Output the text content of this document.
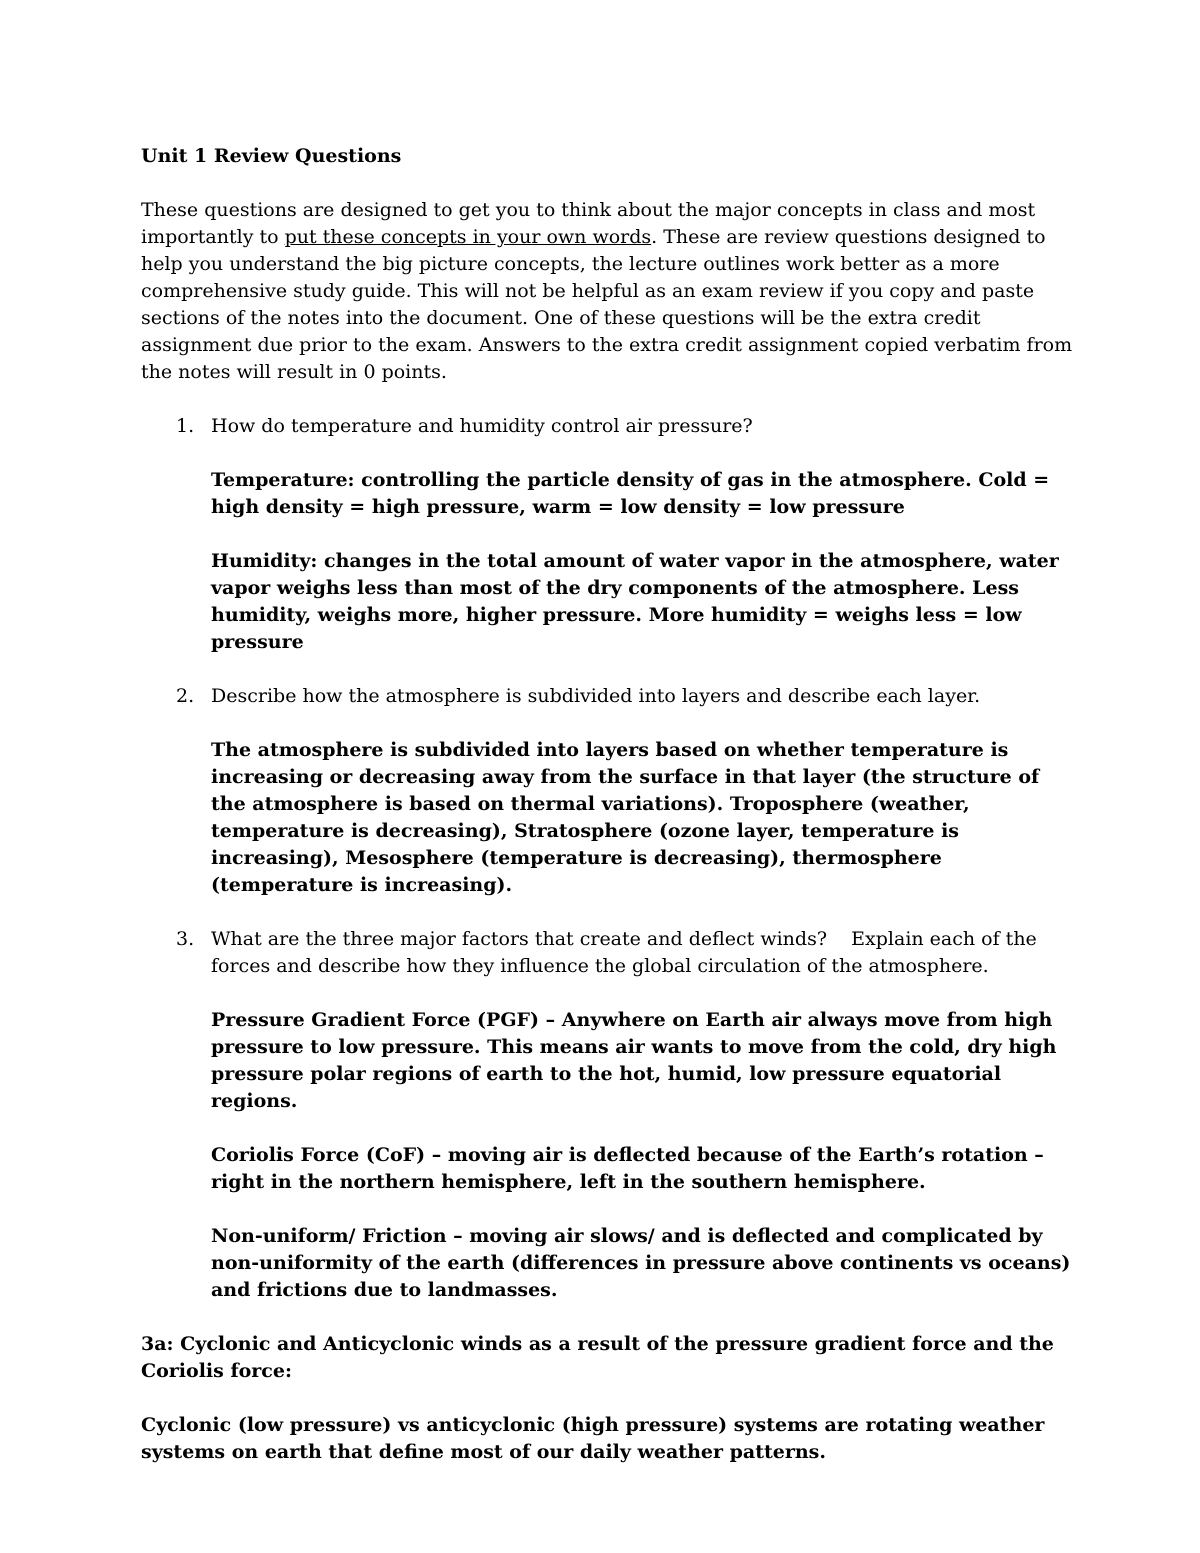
Unit 1 Review Questions

These questions are designed to get you to think about the major concepts in class and most importantly to put these concepts in your own words. These are review questions designed to help you understand the big picture concepts, the lecture outlines work better as a more comprehensive study guide. This will not be helpful as an exam review if you copy and paste sections of the notes into the document. One of these questions will be the extra credit assignment due prior to the exam. Answers to the extra credit assignment copied verbatim from the notes will result in 0 points.

1. How do temperature and humidity control air pressure?

Temperature: controlling the particle density of gas in the atmosphere. Cold = high density = high pressure, warm = low density = low pressure

Humidity: changes in the total amount of water vapor in the atmosphere, water vapor weighs less than most of the dry components of the atmosphere. Less humidity, weighs more, higher pressure. More humidity = weighs less = low pressure

2. Describe how the atmosphere is subdivided into layers and describe each layer.

The atmosphere is subdivided into layers based on whether temperature is increasing or decreasing away from the surface in that layer (the structure of the atmosphere is based on thermal variations). Troposphere (weather, temperature is decreasing), Stratosphere (ozone layer, temperature is increasing), Mesosphere (temperature is decreasing), thermosphere (temperature is increasing).

3. What are the three major factors that create and deflect winds?    Explain each of the forces and describe how they influence the global circulation of the atmosphere.

Pressure Gradient Force (PGF) – Anywhere on Earth air always move from high pressure to low pressure. This means air wants to move from the cold, dry high pressure polar regions of earth to the hot, humid, low pressure equatorial regions.

Coriolis Force (CoF) – moving air is deflected because of the Earth’s rotation – right in the northern hemisphere, left in the southern hemisphere.

Non-uniform/ Friction – moving air slows/ and is deflected and complicated by non-uniformity of the earth (differences in pressure above continents vs oceans) and frictions due to landmasses.

3a: Cyclonic and Anticyclonic winds as a result of the pressure gradient force and the Coriolis force:

Cyclonic (low pressure) vs anticyclonic (high pressure) systems are rotating weather systems on earth that define most of our daily weather patterns.
